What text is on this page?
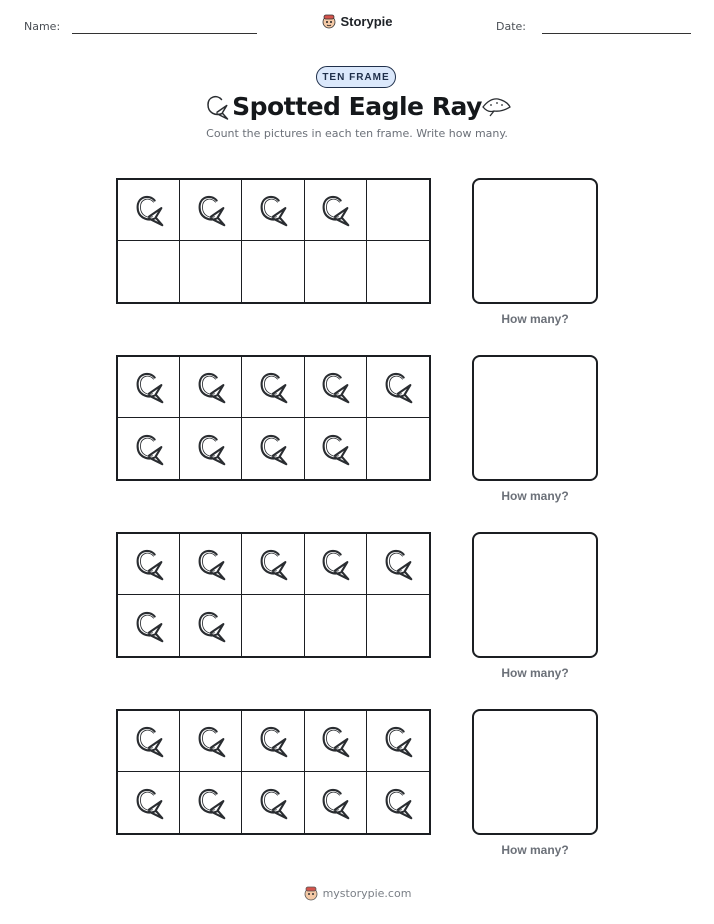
Name:	Storypie	Date:
TEN FRAME
Spotted Eagle Ray
Count the pictures in each ten frame. Write how many.
How many?
How many?
How many?
How many?
mystorypie.com
